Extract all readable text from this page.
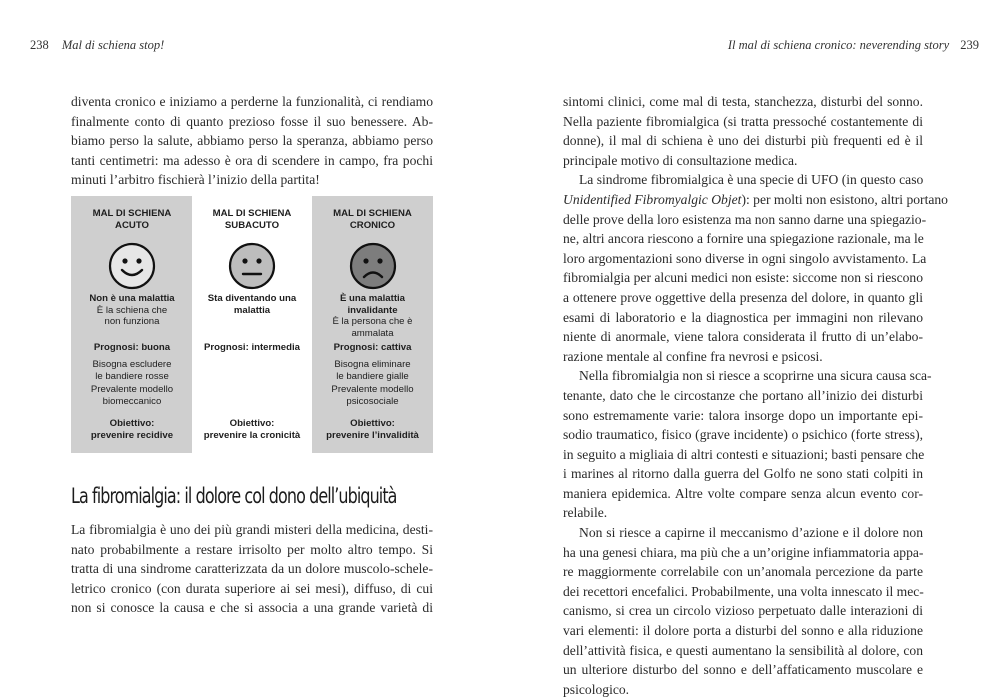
238 Mal di schiena stop!	Il mal di schiena cronico: neverending story 239
diventa cronico e iniziamo a perderne la funzionalità, ci rendiamo
finalmente conto di quanto prezioso fosse il suo benessere. Ab-
biamo perso la salute, abbiamo perso la speranza, abbiamo perso
tanti centimetri: ma adesso è ora di scendere in campo, fra pochi
minuti l’arbitro fischierà l’inizio della partita!
MAL DI SCHIENA
ACUTO
Non è una malattia
È la schiena che
non funziona
Prognosi: buona
Bisogna escludere
le bandiere rosse
Prevalente modello
biomeccanico
Obiettivo:
prevenire recidive
MAL DI SCHIENA
SUBACUTO
Sta diventando una
malattia
Prognosi: intermedia
Obiettivo:
prevenire la cronicità
MAL DI SCHIENA
CRONICO
È una malattia
invalidante
È la persona che è
ammalata
Prognosi: cattiva
Bisogna eliminare
le bandiere gialle
Prevalente modello
psicosociale
Obiettivo:
prevenire l’invalidità
La fibromialgia: il dolore col dono dell’ubiquità
La fibromialgia è uno dei più grandi misteri della medicina, desti-
nato probabilmente a restare irrisolto per molto altro tempo. Si
tratta di una sindrome caratterizzata da un dolore muscolo-schele-
letrico cronico (con durata superiore ai sei mesi), diffuso, di cui
non si conosce la causa e che si associa a una grande varietà di
sintomi clinici, come mal di testa, stanchezza, disturbi del sonno.
Nella paziente fibromialgica (si tratta pressoché costantemente di
donne), il mal di schiena è uno dei disturbi più frequenti ed è il
principale motivo di consultazione medica.
La sindrome fibromialgica è una specie di UFO (in questo caso
Unidentified Fibromyalgic Objet): per molti non esistono, altri portano
delle prove della loro esistenza ma non sanno darne una spiegazio-
ne, altri ancora riescono a fornire una spiegazione razionale, ma le
loro argomentazioni sono diverse in ogni singolo avvistamento. La
fibromialgia per alcuni medici non esiste: siccome non si riescono
a ottenere prove oggettive della presenza del dolore, in quanto gli
esami di laboratorio e la diagnostica per immagini non rilevano
niente di anormale, viene talora considerata il frutto di un’elabo-
razione mentale al confine fra nevrosi e psicosi.
Nella fibromialgia non si riesce a scoprirne una sicura causa sca-
tenante, dato che le circostanze che portano all’inizio dei disturbi
sono estremamente varie: talora insorge dopo un importante epi-
sodio traumatico, fisico (grave incidente) o psichico (forte stress),
in seguito a migliaia di altri contesti e situazioni; basti pensare che
i marines al ritorno dalla guerra del Golfo ne sono stati colpiti in
maniera epidemica. Altre volte compare senza alcun evento cor-
relabile.
Non si riesce a capirne il meccanismo d’azione e il dolore non
ha una genesi chiara, ma più che a un’origine infiammatoria appa-
re maggiormente correlabile con un’anomala percezione da parte
dei recettori encefalici. Probabilmente, una volta innescato il mec-
canismo, si crea un circolo vizioso perpetuato dalle interazioni di
vari elementi: il dolore porta a disturbi del sonno e alla riduzione
dell’attività fisica, e questi aumentano la sensibilità al dolore, con
un ulteriore disturbo del sonno e dell’affaticamento muscolare e
psicologico.
